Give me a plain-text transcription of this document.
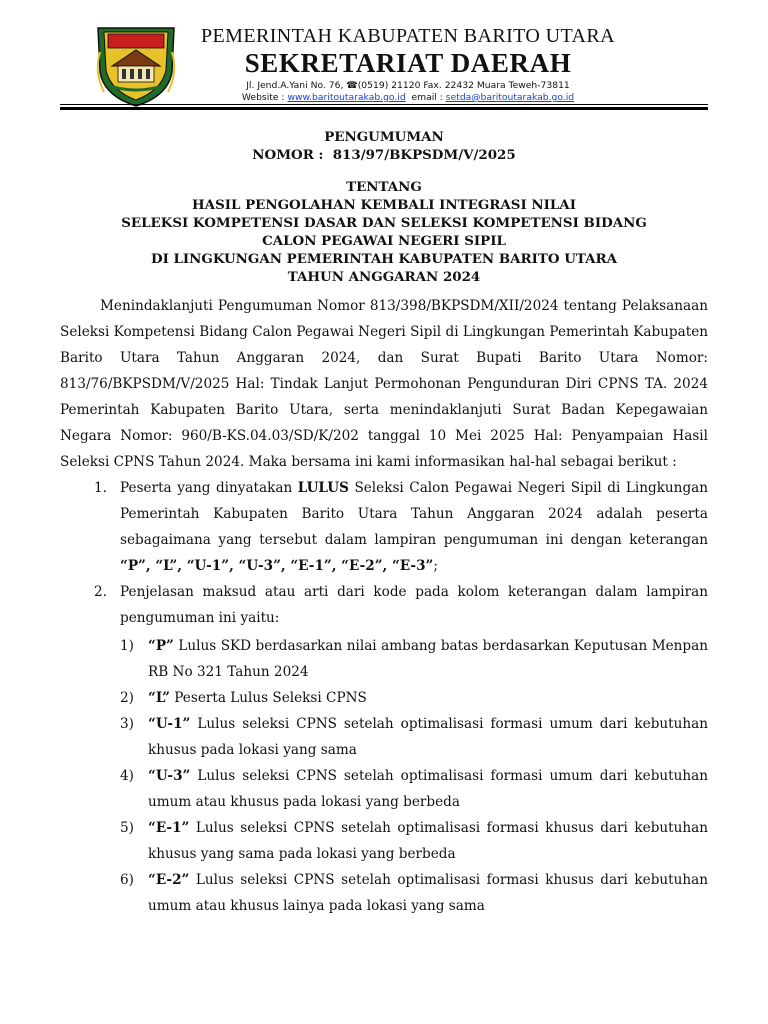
PEMERINTAH KABUPATEN BARITO UTARA
SEKRETARIAT DAERAH
Jl. Jend.A.Yani No. 76, ☎(0519) 21120 Fax. 22432 Muara Teweh-73811
Website : www.baritoutarakab.go.id  email : setda@baritoutarakab.go.id
PENGUMUMAN
NOMOR :  813/97/BKPSDM/V/2025
TENTANG
HASIL PENGOLAHAN KEMBALI INTEGRASI NILAI
SELEKSI KOMPETENSI DASAR DAN SELEKSI KOMPETENSI BIDANG
CALON PEGAWAI NEGERI SIPIL
DI LINGKUNGAN PEMERINTAH KABUPATEN BARITO UTARA
TAHUN ANGGARAN 2024

Menindaklanjuti Pengumuman Nomor 813/398/BKPSDM/XII/2024 tentang Pelaksanaan Seleksi Kompetensi Bidang Calon Pegawai Negeri Sipil di Lingkungan Pemerintah Kabupaten Barito Utara Tahun Anggaran 2024, dan Surat Bupati Barito Utara Nomor: 813/76/BKPSDM/V/2025 Hal: Tindak Lanjut Permohonan Pengunduran Diri CPNS TA. 2024 Pemerintah Kabupaten Barito Utara, serta menindaklanjuti Surat Badan Kepegawaian Negara Nomor: 960/B-KS.04.03/SD/K/202 tanggal 10 Mei 2025 Hal: Penyampaian Hasil Seleksi CPNS Tahun 2024. Maka bersama ini kami informasikan hal-hal sebagai berikut :

1. Peserta yang dinyatakan LULUS Seleksi Calon Pegawai Negeri Sipil di Lingkungan Pemerintah Kabupaten Barito Utara Tahun Anggaran 2024 adalah peserta sebagaimana yang tersebut dalam lampiran pengumuman ini dengan keterangan “P”, “L”, “U-1”, “U-3”, “E-1”, “E-2”, “E-3”;
2. Penjelasan maksud atau arti dari kode pada kolom keterangan dalam lampiran pengumuman ini yaitu:
1) “P” Lulus SKD berdasarkan nilai ambang batas berdasarkan Keputusan Menpan RB No 321 Tahun 2024
2) “L” Peserta Lulus Seleksi CPNS
3) “U-1” Lulus seleksi CPNS setelah optimalisasi formasi umum dari kebutuhan khusus pada lokasi yang sama
4) “U-3” Lulus seleksi CPNS setelah optimalisasi formasi umum dari kebutuhan umum atau khusus pada lokasi yang berbeda
5) “E-1” Lulus seleksi CPNS setelah optimalisasi formasi khusus dari kebutuhan khusus yang sama pada lokasi yang berbeda
6) “E-2” Lulus seleksi CPNS setelah optimalisasi formasi khusus dari kebutuhan umum atau khusus lainya pada lokasi yang sama
